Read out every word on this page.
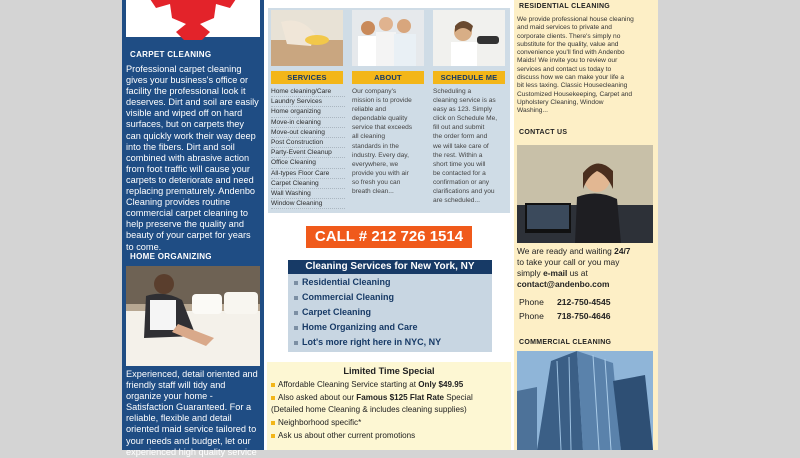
CARPET CLEANING

Professional carpet cleaning
gives your business's office or
facility the professional look it
deserves. Dirt and soil are easily
visible and wiped off on hard
surfaces, but on carpets they
can quickly work their way deep
into the fibers. Dirt and soil
combined with abrasive action
from foot traffic will cause your
carpets to deteriorate and need
replacing prematurely. Andenbo
Cleaning provides routine
commercial carpet cleaning to
help preserve the quality and
beauty of your carpet for years
to come.

HOME ORGANIZING

Experienced, detail oriented and
friendly staff will tidy and
organize your home -
Satisfaction Guaranteed. For a
reliable, flexible and detail
oriented maid service tailored to
your needs and budget, let our
experienced high quality service

SERVICES
Home cleaning/Care
Laundry Services
Home organizing
Move-in cleaning
Move-out cleaning
Post Construction
Party-Event Cleanup
Office Cleaning
All-types Floor Care
Carpet Cleaning
Wall Washing
Window Cleaning
ABOUT
Our company's
mission is to provide
reliable and
dependable quality
service that exceeds
all cleaning
standards in the
industry. Every day,
everywhere, we
provide you with air
so fresh you can
breath clean...
SCHEDULE ME
Scheduling a
cleaning service is as
easy as 123. Simply
click on Schedule Me,
fill out and submit
the order form and
we will take care of
the rest. Within a
short time you will
be contacted for a
confirmation or any
clarifications and you
are scheduled...
CALL # 212 726 1514
Cleaning Services for New York, NY
Residential Cleaning
Commercial Cleaning
Carpet Cleaning
Home Organizing and Care
Lot's more right here in NYC, NY
Limited Time Special
Affordable Cleaning Service starting at Only $49.95
Also asked about our Famous $125 Flat Rate Special
(Detailed home Cleaning & includes cleaning supplies)
Neighborhood specific*
Ask us about other current promotions
RESIDENTIAL CLEANING
We provide professional house cleaning
and maid services to private and
corporate clients. There's simply no
substitute for the quality, value and
convenience you'll find with Andenbo
Maids! We invite you to review our
services and contact us today to
discuss how we can make your life a
bit less taxing. Classic Housecleaning
Customized Housekeeping, Carpet and
Upholstery Cleaning, Window
Washing...
CONTACT US
We are ready and waiting 24/7
to take your call or you may
simply e-mail us at
contact@andenbo.com
Phone 212-750-4545
Phone 718-750-4646
COMMERCIAL CLEANING
